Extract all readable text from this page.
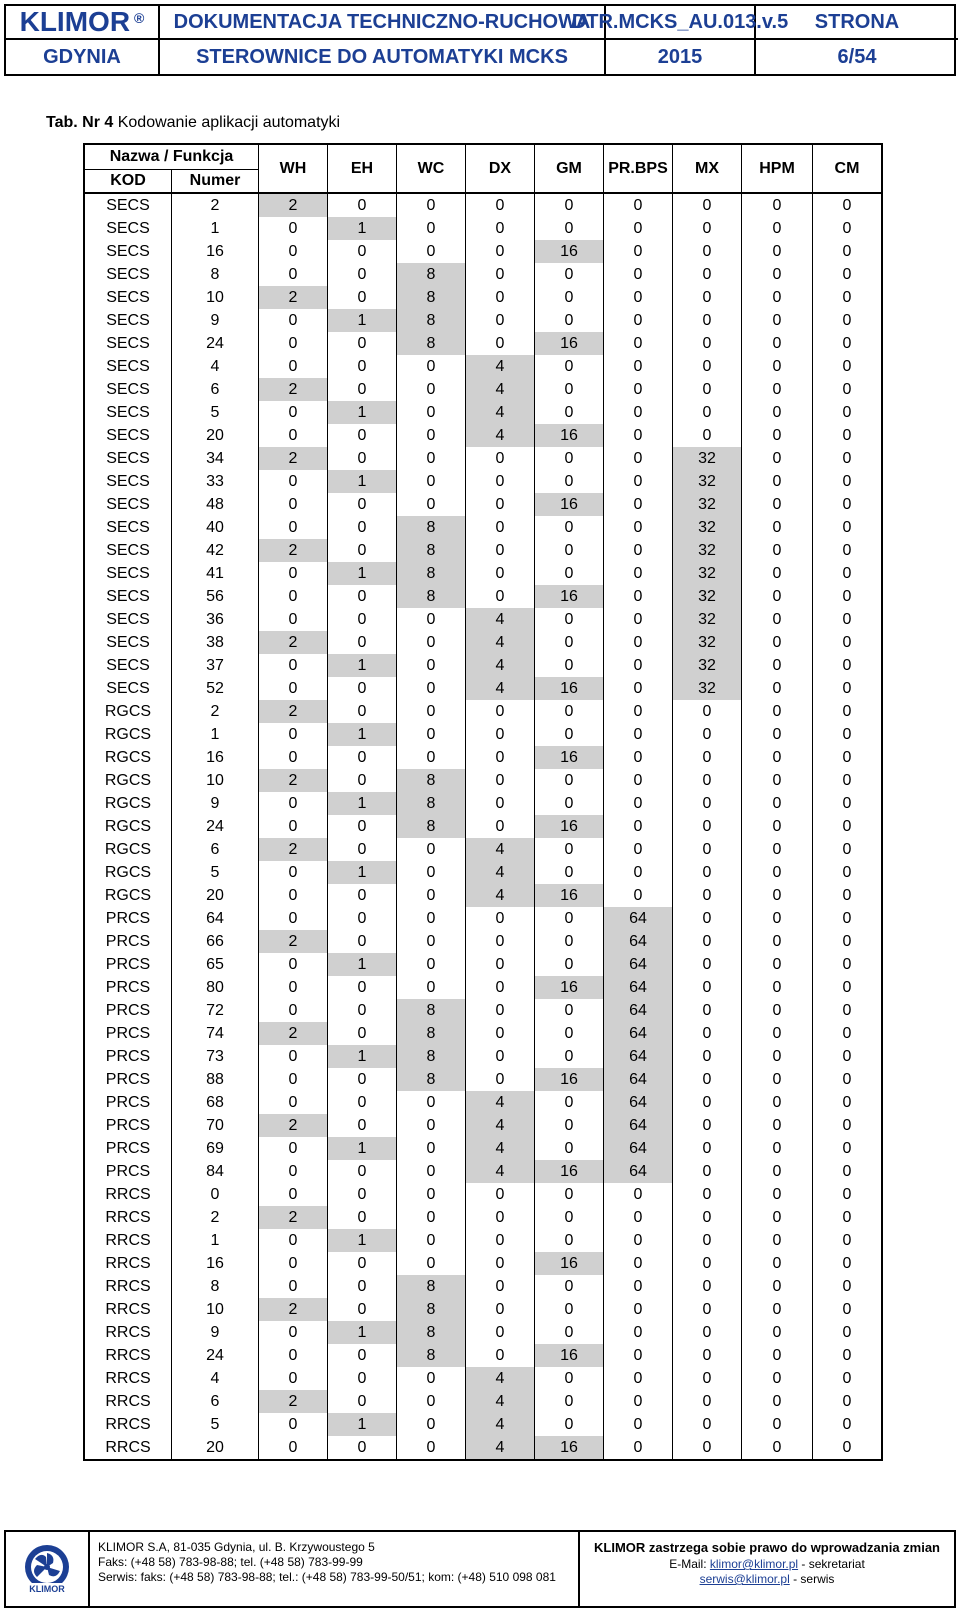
KLIMOR ®	DOKUMENTACJA TECHNICZNO-RUCHOWA
DTR.MCKS_AU.013.v.5	STRONA
GDYNIA	STEROWNICE DO AUTOMATYKI MCKS	2015	6/54
Tab. Nr 4 Kodowanie aplikacji automatyki
Nazwa / Funkcja		WH	EH	WC	DX	GM	PR.BPS	MX	HPM	CM
KOD	Numer									
SECS	2	2	0	0	0	0	0	0	0	0
SECS	1	0	1	0	0	0	0	0	0	0
SECS	16	0	0	0	0	16	0	0	0	0
SECS	8	0	0	8	0	0	0	0	0	0
SECS	10	2	0	8	0	0	0	0	0	0
SECS	9	0	1	8	0	0	0	0	0	0
SECS	24	0	0	8	0	16	0	0	0	0
SECS	4	0	0	0	4	0	0	0	0	0
SECS	6	2	0	0	4	0	0	0	0	0
SECS	5	0	1	0	4	0	0	0	0	0
SECS	20	0	0	0	4	16	0	0	0	0
SECS	34	2	0	0	0	0	0	32	0	0
SECS	33	0	1	0	0	0	0	32	0	0
SECS	48	0	0	0	0	16	0	32	0	0
SECS	40	0	0	8	0	0	0	32	0	0
SECS	42	2	0	8	0	0	0	32	0	0
SECS	41	0	1	8	0	0	0	32	0	0
SECS	56	0	0	8	0	16	0	32	0	0
SECS	36	0	0	0	4	0	0	32	0	0
SECS	38	2	0	0	4	0	0	32	0	0
SECS	37	0	1	0	4	0	0	32	0	0
SECS	52	0	0	0	4	16	0	32	0	0
RGCS	2	2	0	0	0	0	0	0	0	0
RGCS	1	0	1	0	0	0	0	0	0	0
RGCS	16	0	0	0	0	16	0	0	0	0
RGCS	10	2	0	8	0	0	0	0	0	0
RGCS	9	0	1	8	0	0	0	0	0	0
RGCS	24	0	0	8	0	16	0	0	0	0
RGCS	6	2	0	0	4	0	0	0	0	0
RGCS	5	0	1	0	4	0	0	0	0	0
RGCS	20	0	0	0	4	16	0	0	0	0
PRCS	64	0	0	0	0	0	64	0	0	0
PRCS	66	2	0	0	0	0	64	0	0	0
PRCS	65	0	1	0	0	0	64	0	0	0
PRCS	80	0	0	0	0	16	64	0	0	0
PRCS	72	0	0	8	0	0	64	0	0	0
PRCS	74	2	0	8	0	0	64	0	0	0
PRCS	73	0	1	8	0	0	64	0	0	0
PRCS	88	0	0	8	0	16	64	0	0	0
PRCS	68	0	0	0	4	0	64	0	0	0
PRCS	70	2	0	0	4	0	64	0	0	0
PRCS	69	0	1	0	4	0	64	0	0	0
PRCS	84	0	0	0	4	16	64	0	0	0
RRCS	0	0	0	0	0	0	0	0	0	0
RRCS	2	2	0	0	0	0	0	0	0	0
RRCS	1	0	1	0	0	0	0	0	0	0
RRCS	16	0	0	0	0	16	0	0	0	0
RRCS	8	0	0	8	0	0	0	0	0	0
RRCS	10	2	0	8	0	0	0	0	0	0
RRCS	9	0	1	8	0	0	0	0	0	0
RRCS	24	0	0	8	0	16	0	0	0	0
RRCS	4	0	0	0	4	0	0	0	0	0
RRCS	6	2	0	0	4	0	0	0	0	0
RRCS	5	0	1	0	4	0	0	0	0	0
RRCS	20	0	0	0	4	16	0	0	0	0
KLIMOR
KLIMOR S.A, 81-035 Gdynia, ul. B. Krzywoustego 5
Faks: (+48 58) 783-98-88; tel. (+48 58) 783-99-99
Serwis: faks: (+48 58) 783-98-88; tel.: (+48 58) 783-99-50/51; kom: (+48) 510 098 081
KLIMOR zastrzega sobie prawo do wprowadzania zmian
E-Mail: klimor@klimor.pl - sekretariat
serwis@klimor.pl - serwis
